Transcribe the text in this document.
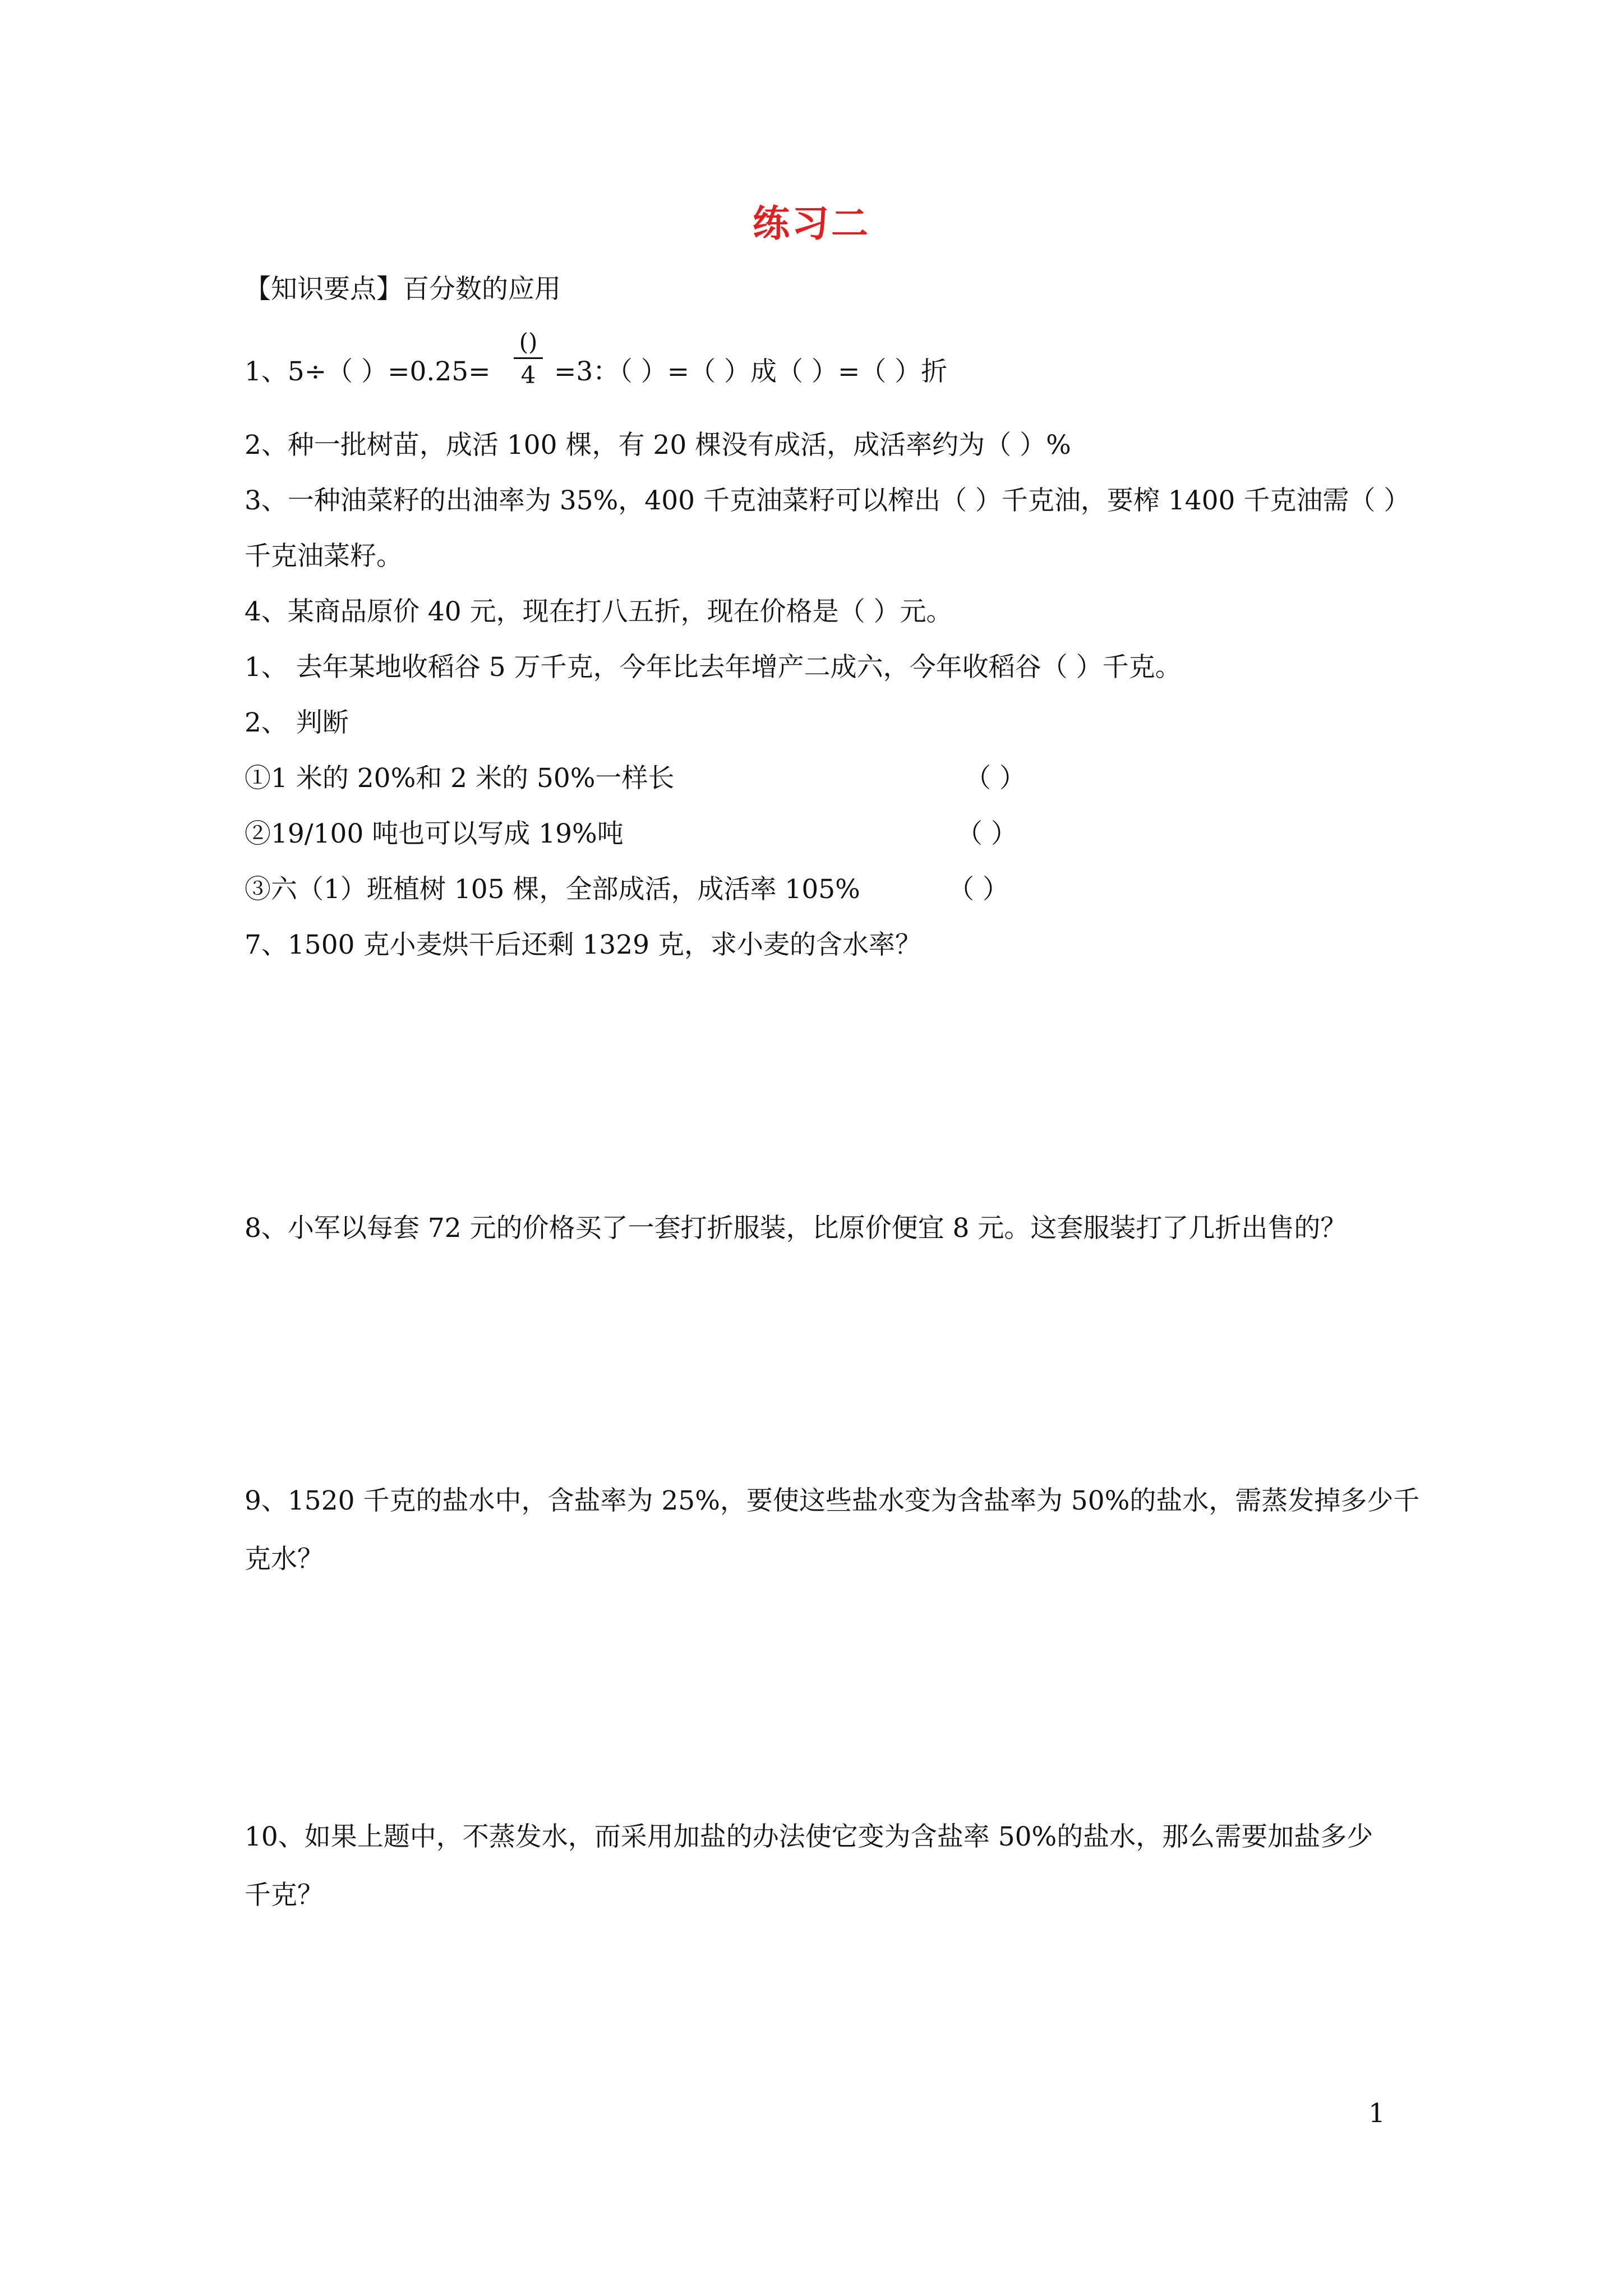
练习二
【知识要点】百分数的应用
1、5÷（ ）=0.25=
()
4 =3：（ ）=（ ）成（ ）=（ ）折
2、种一批树苗，成活 100 棵，有 20 棵没有成活，成活率约为（ ）%
3、一种油菜籽的出油率为 35%，400 千克油菜籽可以榨出（ ）千克油，要榨 1400 千克油需（ ）
千克油菜籽。
4、某商品原价 40 元，现在打八五折，现在价格是（ ）元。
1、 去年某地收稻谷 5 万千克，今年比去年增产二成六，今年收稻谷（ ）千克。
2、 判断
①1 米的 20%和 2 米的 50%一样长	（ ）
②19/100 吨也可以写成 19%吨	（ ）
③六（1）班植树 105 棵，全部成活，成活率 105%	（ ）
7、1500 克小麦烘干后还剩 1329 克，求小麦的含水率？
8、小军以每套 72 元的价格买了一套打折服装，比原价便宜 8 元。这套服装打了几折出售的？
9、1520 千克的盐水中，含盐率为 25%，要使这些盐水变为含盐率为 50%的盐水，需蒸发掉多少千
克水？
10、如果上题中，不蒸发水，而采用加盐的办法使它变为含盐率 50%的盐水，那么需要加盐多少
千克？
1
